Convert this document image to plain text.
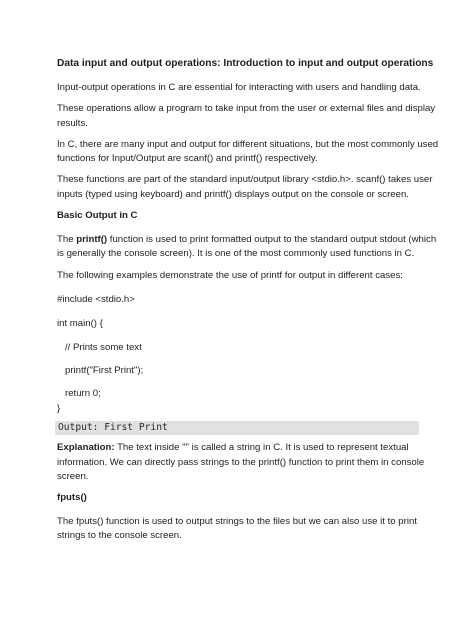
Data input and output operations: Introduction to input and output operations

Input-output operations in C are essential for interacting with users and handling data.

These operations allow a program to take input from the user or external files and display

results.

In C, there are many input and output for different situations, but the most commonly used

functions for Input/Output are scanf() and printf() respectively.

These functions are part of the standard input/output library <stdio.h>. scanf() takes user

inputs (typed using keyboard) and printf() displays output on the console or screen.

Basic Output in C

The printf() function is used to print formatted output to the standard output stdout (which

is generally the console screen). It is one of the most commonly used functions in C.

The following examples demonstrate the use of printf for output in different cases:

#include <stdio.h>

int main() {

// Prints some text

printf("First Print");

return 0;

}

Output: First Print

Explanation: The text inside "" is called a string in C. It is used to represent textual

information. We can directly pass strings to the printf() function to print them in console

screen.

fputs()

The fputs() function is used to output strings to the files but we can also use it to print

strings to the console screen.
